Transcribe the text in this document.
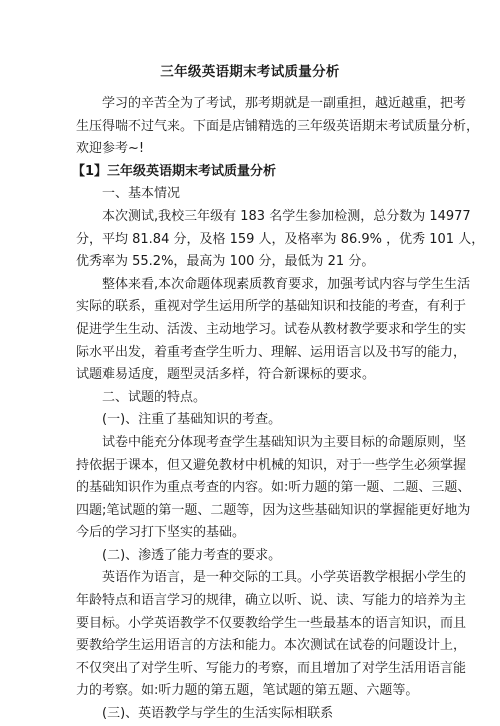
三年级英语期末考试质量分析
学习的辛苦全为了考试，那考期就是一副重担，越近越重，把考
生压得喘不过气来。下面是店铺精选的三年级英语期末考试质量分析，
欢迎参考~!
【1】三年级英语期末考试质量分析
一、基本情况
本次测试,我校三年级有 183 名学生参加检测，总分数为 14977
分，平均 81.84 分，及格 159 人，及格率为 86.9% ，优秀 101 人，
优秀率为 55.2%，最高为 100 分，最低为 21 分。
整体来看,本次命题体现素质教育要求，加强考试内容与学生生活
实际的联系，重视对学生运用所学的基础知识和技能的考查，有利于
促进学生生动、活泼、主动地学习。试卷从教材教学要求和学生的实
际水平出发，着重考查学生听力、理解、运用语言以及书写的能力，
试题难易适度，题型灵活多样，符合新课标的要求。
二、试题的特点。
(一)、注重了基础知识的考查。
试卷中能充分体现考查学生基础知识为主要目标的命题原则，坚
持依据于课本，但又避免教材中机械的知识，对于一些学生必须掌握
的基础知识作为重点考查的内容。如:听力题的第一题、二题、三题、
四题;笔试题的第一题、二题等，因为这些基础知识的掌握能更好地为
今后的学习打下坚实的基础。
(二)、渗透了能力考查的要求。
英语作为语言，是一种交际的工具。小学英语教学根据小学生的
年龄特点和语言学习的规律，确立以听、说、读、写能力的培养为主
要目标。小学英语教学不仅要教给学生一些最基本的语言知识，而且
要教给学生运用语言的方法和能力。本次测试在试卷的问题设计上，
不仅突出了对学生听、写能力的考察，而且增加了对学生活用语言能
力的考察。如:听力题的第五题，笔试题的第五题、六题等。
(三)、英语教学与学生的生活实际相联系
